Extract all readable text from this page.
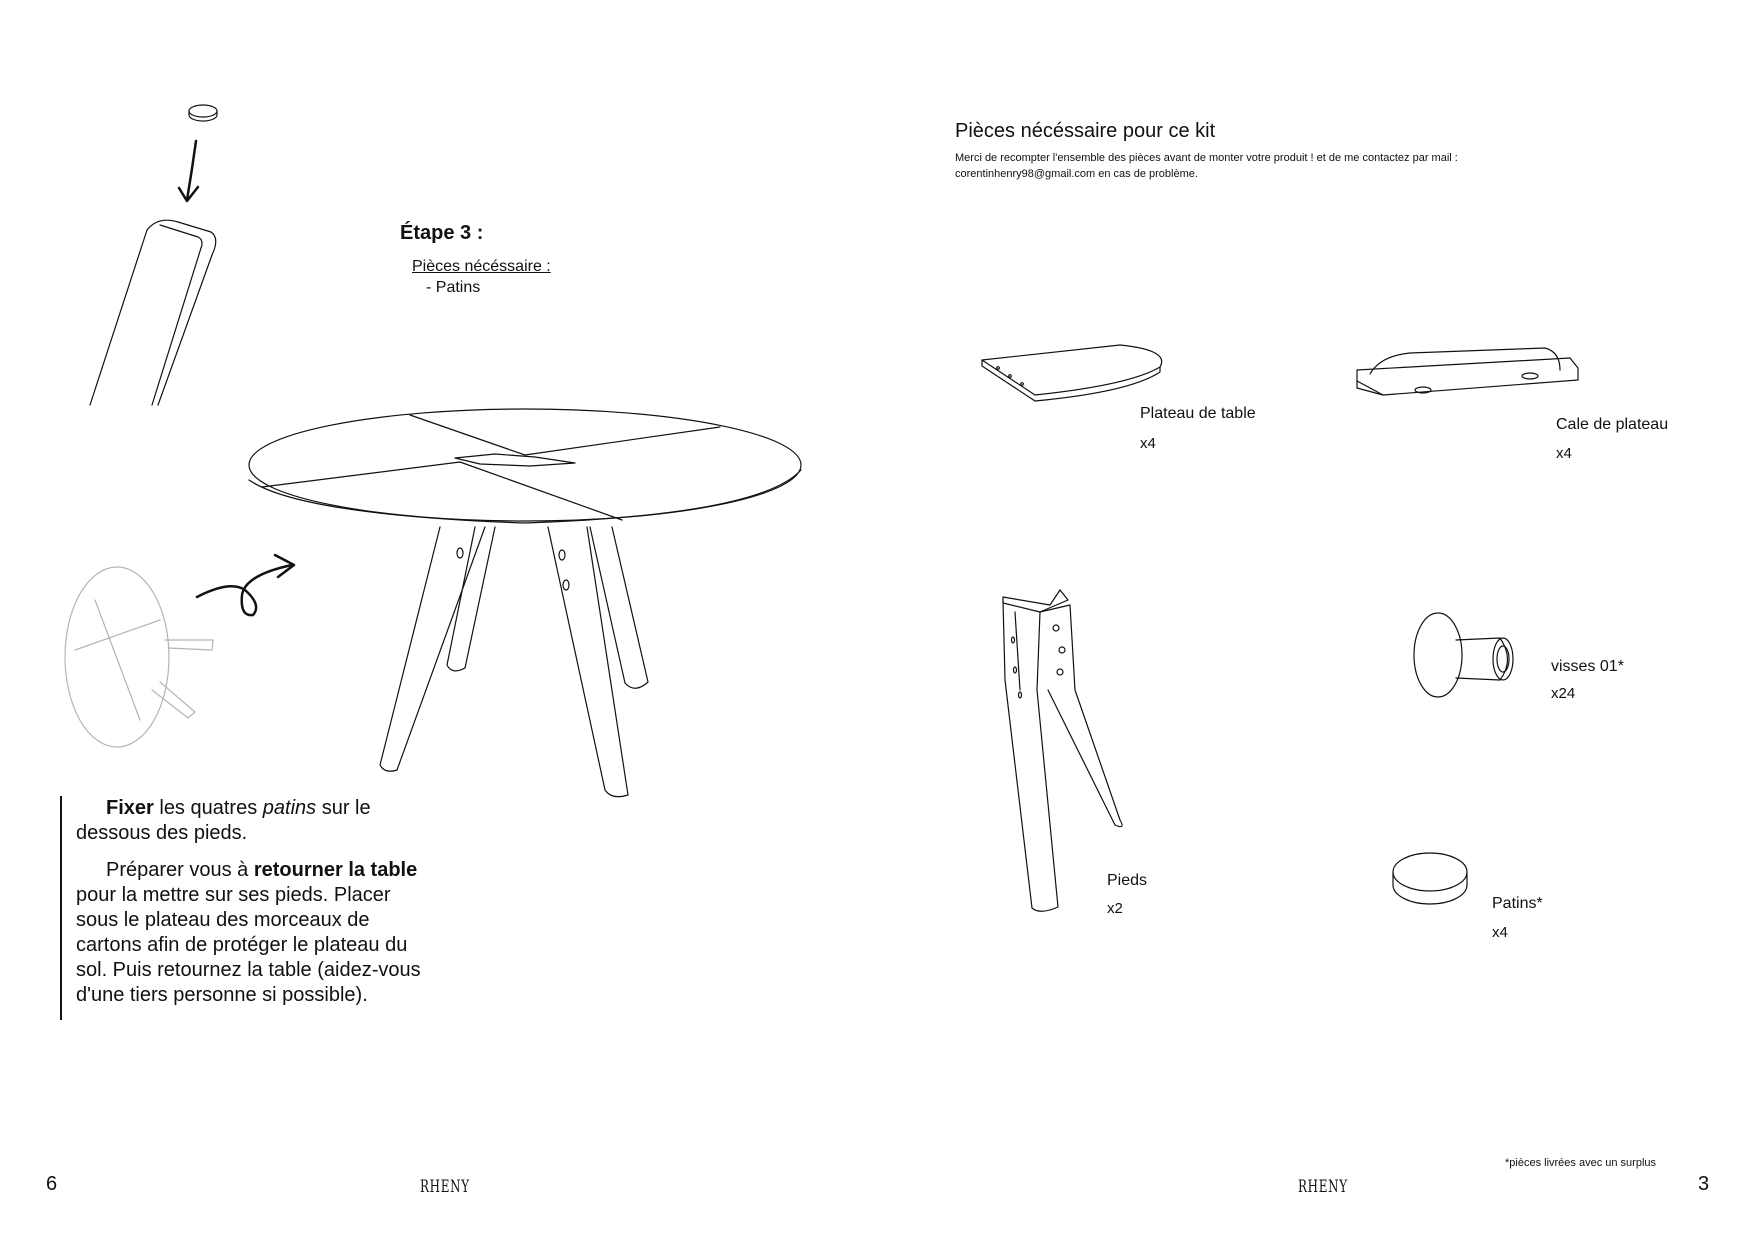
Étape 3 :
Pièces nécéssaire :
- Patins

Fixer les quatres patins sur le dessous des pieds.

Préparer vous à retourner la table pour la mettre sur ses pieds. Placer sous le plateau des morceaux de cartons afin de protéger le plateau du sol. Puis retournez la table (aidez-vous d'une tiers personne si possible).

Pièces nécéssaire pour ce kit
Merci de recompter l'ensemble des pièces avant de monter votre produit ! et de me contactez par mail : corentinhenry98@gmail.com en cas de problème.
Plateau de table
x4
Cale de plateau
x4
Pieds
x2
visses 01*
x24
Patins*
x4
*pièces livrées avec un surplus
6	RHENY	RHENY	3
